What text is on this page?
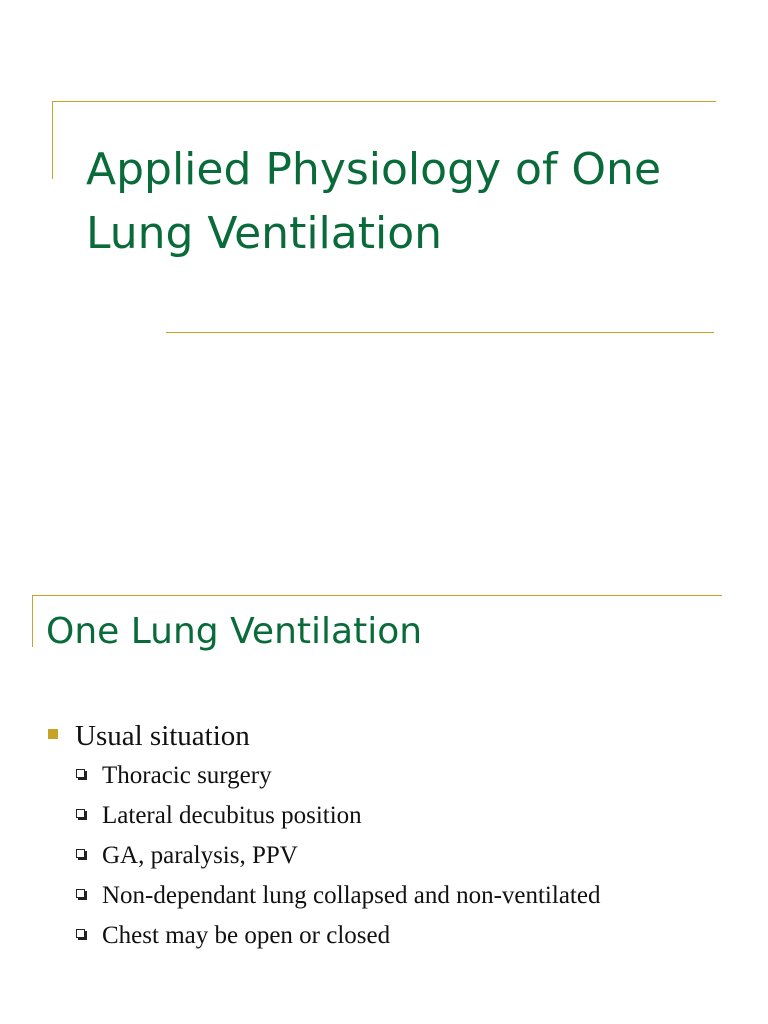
Applied Physiology of One Lung Ventilation
One Lung Ventilation
Usual situation
Thoracic surgery
Lateral decubitus position
GA, paralysis, PPV
Non-dependant lung collapsed and non-ventilated
Chest may be open or closed
